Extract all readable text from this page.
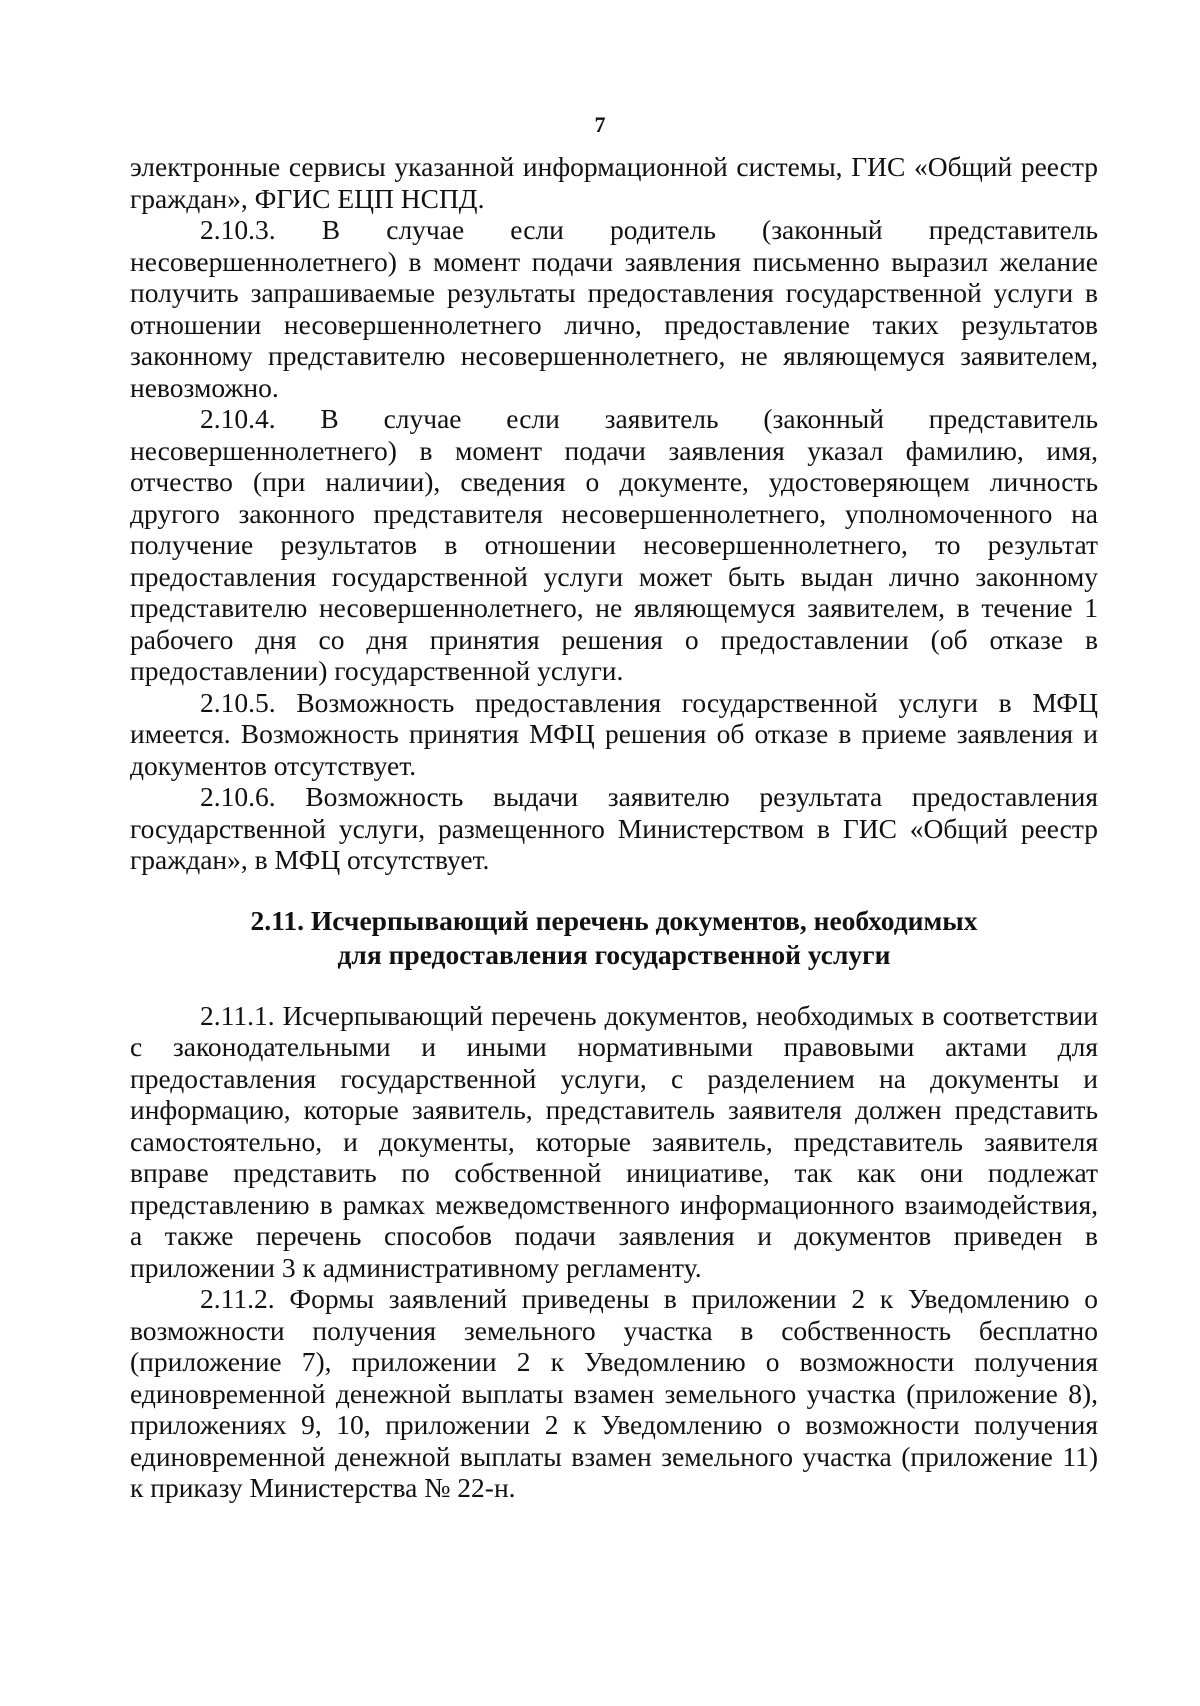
7

электронные сервисы указанной информационной системы, ГИС «Общий реестр граждан», ФГИС ЕЦП НСПД.

2.10.3. В случае если родитель (законный представитель несовершеннолетнего) в момент подачи заявления письменно выразил желание получить запрашиваемые результаты предоставления государственной услуги в отношении несовершеннолетнего лично, предоставление таких результатов законному представителю несовершеннолетнего, не являющемуся заявителем, невозможно.

2.10.4. В случае если заявитель (законный представитель несовершеннолетнего) в момент подачи заявления указал фамилию, имя, отчество (при наличии), сведения о документе, удостоверяющем личность другого законного представителя несовершеннолетнего, уполномоченного на получение результатов в отношении несовершеннолетнего, то результат предоставления государственной услуги может быть выдан лично законному представителю несовершеннолетнего, не являющемуся заявителем, в течение 1 рабочего дня со дня принятия решения о предоставлении (об отказе в предоставлении) государственной услуги.

2.10.5. Возможность предоставления государственной услуги в МФЦ имеется. Возможность принятия МФЦ решения об отказе в приеме заявления и документов отсутствует.

2.10.6. Возможность выдачи заявителю результата предоставления государственной услуги, размещенного Министерством в ГИС «Общий реестр граждан», в МФЦ отсутствует.

2.11. Исчерпывающий перечень документов, необходимых
для предоставления государственной услуги

2.11.1. Исчерпывающий перечень документов, необходимых в соответствии с законодательными и иными нормативными правовыми актами для предоставления государственной услуги, с разделением на документы и информацию, которые заявитель, представитель заявителя должен представить самостоятельно, и документы, которые заявитель, представитель заявителя вправе представить по собственной инициативе, так как они подлежат представлению в рамках межведомственного информационного взаимодействия, а также перечень способов подачи заявления и документов приведен в приложении 3 к административному регламенту.

2.11.2. Формы заявлений приведены в приложении 2 к Уведомлению о возможности получения земельного участка в собственность бесплатно (приложение 7), приложении 2 к Уведомлению о возможности получения единовременной денежной выплаты взамен земельного участка (приложение 8), приложениях 9, 10, приложении 2 к Уведомлению о возможности получения единовременной денежной выплаты взамен земельного участка (приложение 11) к приказу Министерства № 22-н.
